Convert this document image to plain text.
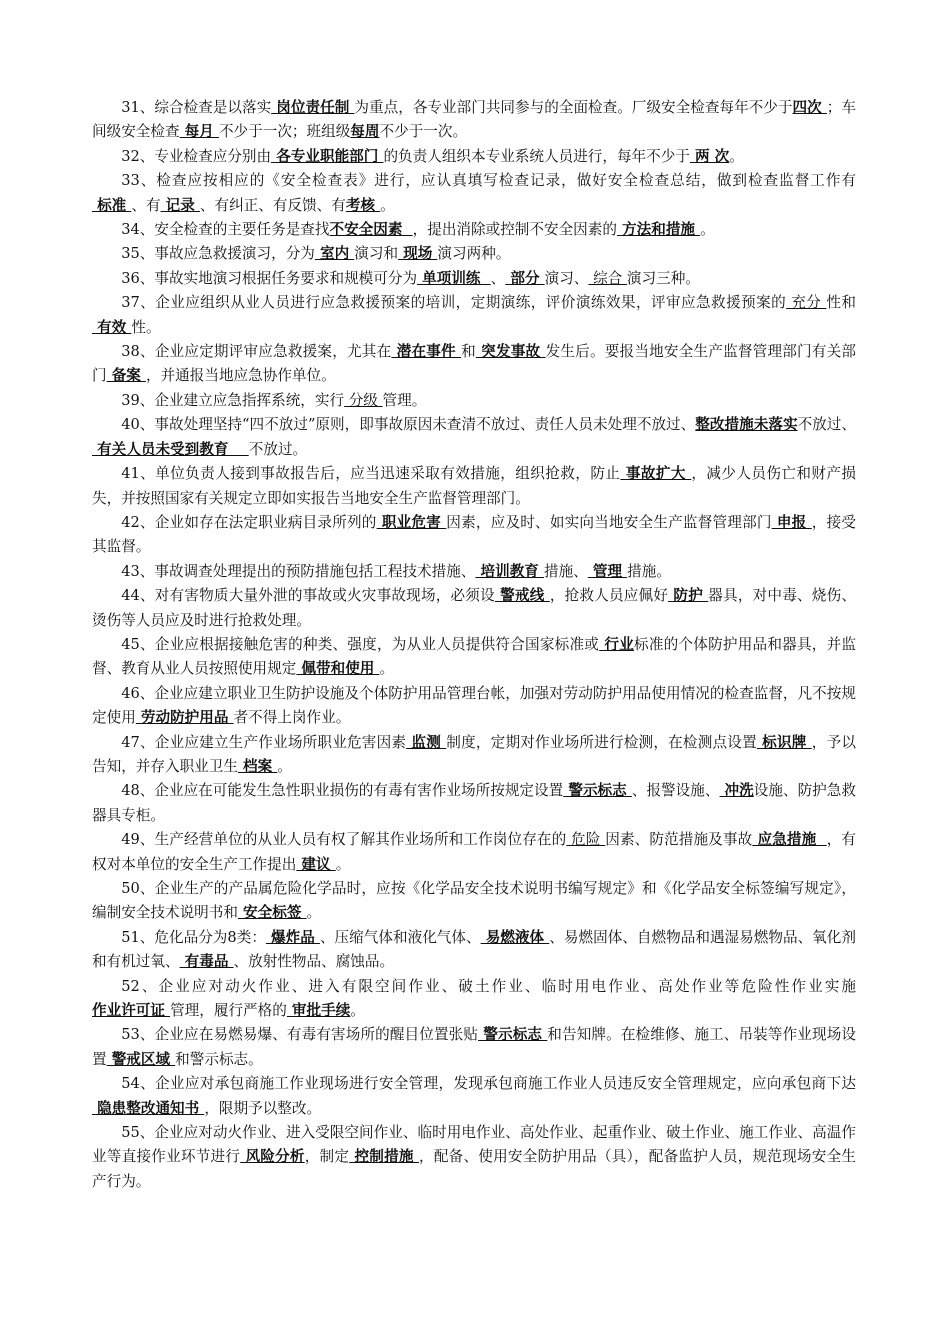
31、综合检查是以落实 岗位责任制 为重点，各专业部门共同参与的全面检查。厂级安全检查每年不少于四次 ；车间级安全检查 每月 不少于一次；班组级每周不少于一次。

32、专业检查应分别由 各专业职能部门 的负责人组织本专业系统人员进行，每年不少于 两 次。

33、检查应按相应的《安全检查表》进行，应认真填写检查记录，做好安全检查总结，做到检查监督工作有 标准 、有 记录 、有纠正、有反馈、有考核 。

34、安全检查的主要任务是查找不安全因素  ，提出消除或控制不安全因素的 方法和措施 。

35、事故应急救援演习，分为 室内 演习和 现场 演习两种。

36、事故实地演习根据任务要求和规模可分为 单项训练  、 部分 演习、 综合 演习三种。

37、企业应组织从业人员进行应急救援预案的培训，定期演练，评价演练效果，评审应急救援预案的 充分 性和 有效 性。

38、企业应定期评审应急救援案，尤其在 潜在事件 和 突发事故 发生后。要报当地安全生产监督管理部门有关部门 备案 ，并通报当地应急协作单位。

39、企业建立应急指挥系统，实行 分级 管理。

40、事故处理坚持“四不放过”原则，即事故原因未查清不放过、责任人员未处理不放过、整改措施未落实不放过、 有关人员未受到教育    不放过。

41、单位负责人接到事故报告后，应当迅速采取有效措施，组织抢救，防止 事故扩大 ，减少人员伤亡和财产损失，并按照国家有关规定立即如实报告当地安全生产监督管理部门。

42、企业如存在法定职业病目录所列的 职业危害 因素，应及时、如实向当地安全生产监督管理部门 申报 ，接受其监督。

43、事故调查处理提出的预防措施包括工程技术措施、 培训教育 措施、 管理 措施。

44、对有害物质大量外泄的事故或火灾事故现场，必须设 警戒线 ，抢救人员应佩好 防护 器具，对中毒、烧伤、烫伤等人员应及时进行抢救处理。

45、企业应根据接触危害的种类、强度，为从业人员提供符合国家标准或 行业标准的个体防护用品和器具，并监督、教育从业人员按照使用规定 佩带和使用 。

46、企业应建立职业卫生防护设施及个体防护用品管理台帐，加强对劳动防护用品使用情况的检查监督，凡不按规定使用 劳动防护用品 者不得上岗作业。

47、企业应建立生产作业场所职业危害因素 监测 制度，定期对作业场所进行检测，在检测点设置 标识牌 ，予以告知，并存入职业卫生 档案 。

48、企业应在可能发生急性职业损伤的有毒有害作业场所按规定设置 警示标志 、报警设施、 冲洗设施、防护急救器具专柜。

49、生产经营单位的从业人员有权了解其作业场所和工作岗位存在的 危险 因素、防范措施及事故 应急措施  ，有权对本单位的安全生产工作提出 建议 。

50、企业生产的产品属危险化学品时，应按《化学品安全技术说明书编写规定》和《化学品安全标签编写规定》，编制安全技术说明书和 安全标签 。

51、危化品分为8类： 爆炸品 、压缩气体和液化气体、 易燃液体 、易燃固体、自燃物品和遇湿易燃物品、氧化剂和有机过氧、 有毒品 、放射性物品、腐蚀品。

52、企业应对动火作业、进入有限空间作业、破土作业、临时用电作业、高处作业等危险性作业实施作业许可证 管理，履行严格的 审批手续。

53、企业应在易燃易爆、有毒有害场所的醒目位置张贴 警示标志 和告知牌。在检维修、施工、吊装等作业现场设置 警戒区域 和警示标志。

54、企业应对承包商施工作业现场进行安全管理，发现承包商施工作业人员违反安全管理规定，应向承包商下达 隐患整改通知书 ，限期予以整改。

55、企业应对动火作业、进入受限空间作业、临时用电作业、高处作业、起重作业、破土作业、施工作业、高温作业等直接作业环节进行 风险分析，制定 控制措施 ，配备、使用安全防护用品（具），配备监护人员，规范现场安全生产行为。
